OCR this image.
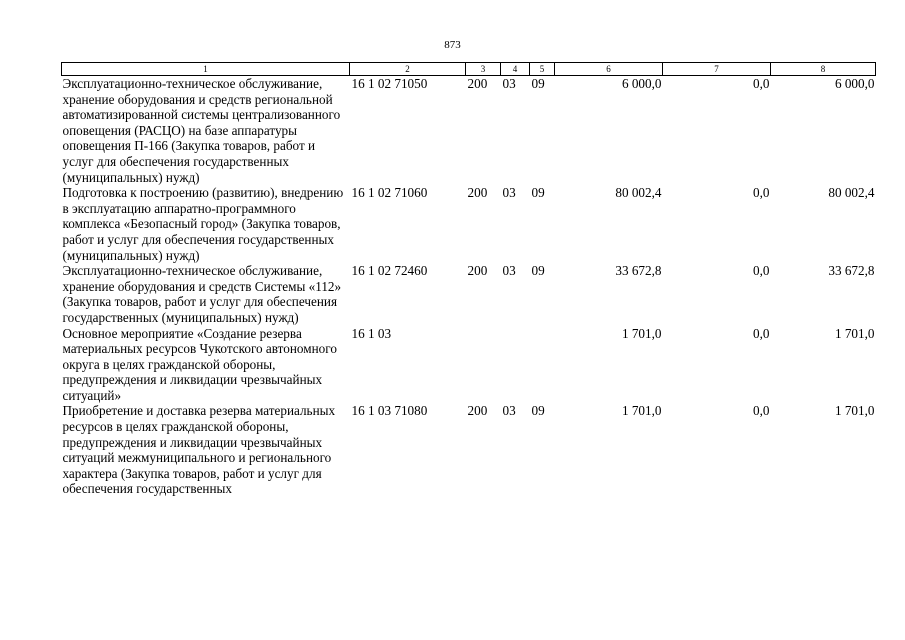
873
1	2	3	4	5	6	7	8
Эксплуатационно-техническое обслуживание, хранение оборудования и средств региональной автоматизированной системы централизованного оповещения (РАСЦО) на базе аппаратуры оповещения П-166 (Закупка товаров, работ и услуг для обеспечения государственных (муниципальных) нужд)	16 1 02 71050	200	03	09	6 000,0	0,0	6 000,0
Подготовка к построению (развитию), внедрению в эксплуатацию аппаратно-программного комплекса «Безопасный город» (Закупка товаров, работ и услуг для обеспечения государственных (муниципальных) нужд)	16 1 02 71060	200	03	09	80 002,4	0,0	80 002,4
Эксплуатационно-техническое обслуживание, хранение оборудования и средств Системы «112» (Закупка товаров, работ и услуг для обеспечения государственных (муниципальных) нужд)	16 1 02 72460	200	03	09	33 672,8	0,0	33 672,8
Основное мероприятие «Создание резерва материальных ресурсов Чукотского автономного округа в целях гражданской обороны, предупреждения и ликвидации чрезвычайных ситуаций»	16 1 03				1 701,0	0,0	1 701,0
Приобретение и доставка резерва материальных ресурсов в целях гражданской обороны, предупреждения и ликвидации чрезвычайных ситуаций межмуниципального и регионального характера (Закупка товаров, работ и услуг для обеспечения государственных	16 1 03 71080	200	03	09	1 701,0	0,0	1 701,0
